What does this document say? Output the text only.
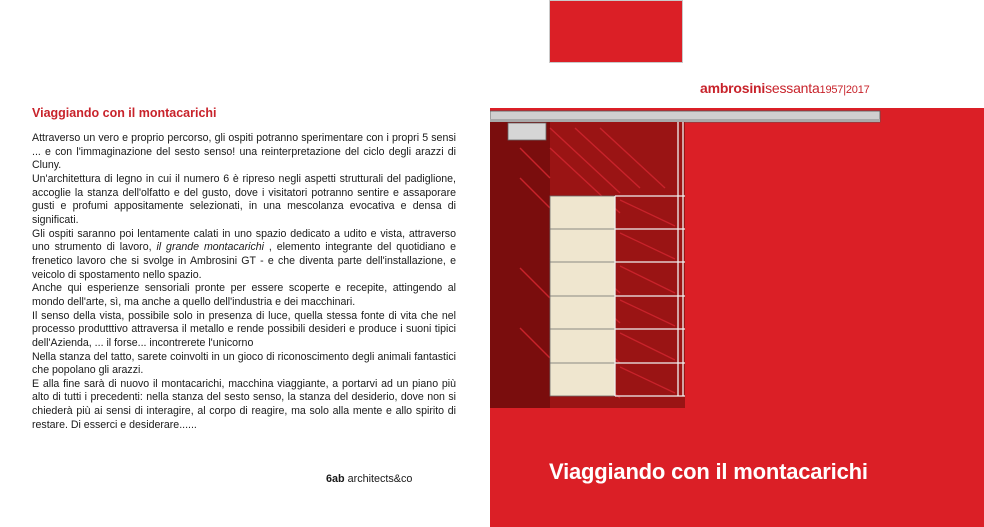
ambrosinisessanta1957|2017
Viaggiando con il montacarichi

Attraverso un vero e proprio percorso, gli ospiti potranno sperimentare con i propri 5 sensi ... e con l'immaginazione del sesto senso! una reinterpretazione del ciclo degli arazzi di Cluny.

Un'architettura di legno in cui il numero 6 è ripreso negli aspetti strutturali del padiglione, accoglie la stanza dell'olfatto e del gusto, dove i visitatori potranno sentire e assaporare gusti e profumi appositamente selezionati, in una mescolanza evocativa e densa di significati.

Gli ospiti saranno poi lentamente calati in uno spazio dedicato a udito e vista, attraverso uno strumento di lavoro, il grande montacarichi , elemento integrante del quotidiano e frenetico lavoro che si svolge in Ambrosini GT - e che diventa parte dell'installazione, e veicolo di spostamento nello spazio.

Anche qui esperienze sensoriali pronte per essere scoperte e recepite, attingendo al mondo dell'arte, sì, ma anche a quello dell'industria e dei macchinari.

Il senso della vista, possibile solo in presenza di luce, quella stessa fonte di vita che nel processo produtttivo attraversa il metallo e rende possibili desideri e produce i suoni tipici dell'Azienda, ... il forse... incontrerete l'unicorno

Nella stanza del tatto, sarete coinvolti in un gioco di riconoscimento degli animali fantastici che popolano gli arazzi.

E alla fine sarà di nuovo il montacarichi, macchina viaggiante, a portarvi ad un piano più alto di tutti i precedenti: nella stanza del sesto senso, la stanza del desiderio, dove non si chiederà più ai sensi di interagire, al corpo di reagire, ma solo alla mente e allo spirito di restare. Di esserci e desiderare......

6ab architects&co	Viaggiando con il montacarichi
